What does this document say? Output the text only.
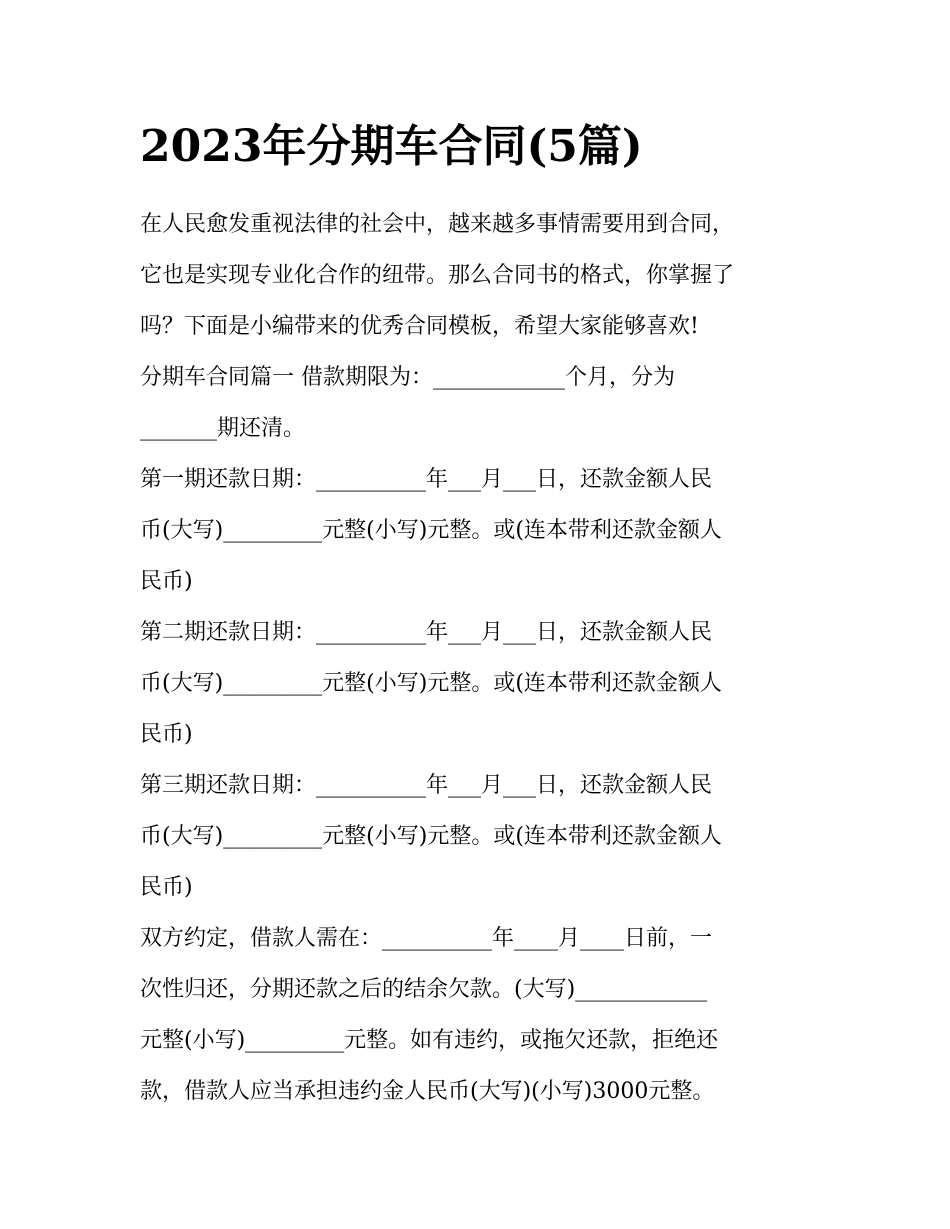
2023年分期车合同(5篇)
在人民愈发重视法律的社会中，越来越多事情需要用到合同，
它也是实现专业化合作的纽带。那么合同书的格式，你掌握了
吗？下面是小编带来的优秀合同模板，希望大家能够喜欢!
分期车合同篇一 借款期限为：____________个月，分为
_______期还清。
第一期还款日期：__________年___月___日，还款金额人民
币(大写)_________元整(小写)元整。或(连本带利还款金额人
民币)
第二期还款日期：__________年___月___日，还款金额人民
币(大写)_________元整(小写)元整。或(连本带利还款金额人
民币)
第三期还款日期：__________年___月___日，还款金额人民
币(大写)_________元整(小写)元整。或(连本带利还款金额人
民币)
双方约定，借款人需在：__________年____月____日前，一
次性归还，分期还款之后的结余欠款。(大写)____________
元整(小写)_________元整。如有违约，或拖欠还款，拒绝还
款，借款人应当承担违约金人民币(大写)(小写)3000元整。
